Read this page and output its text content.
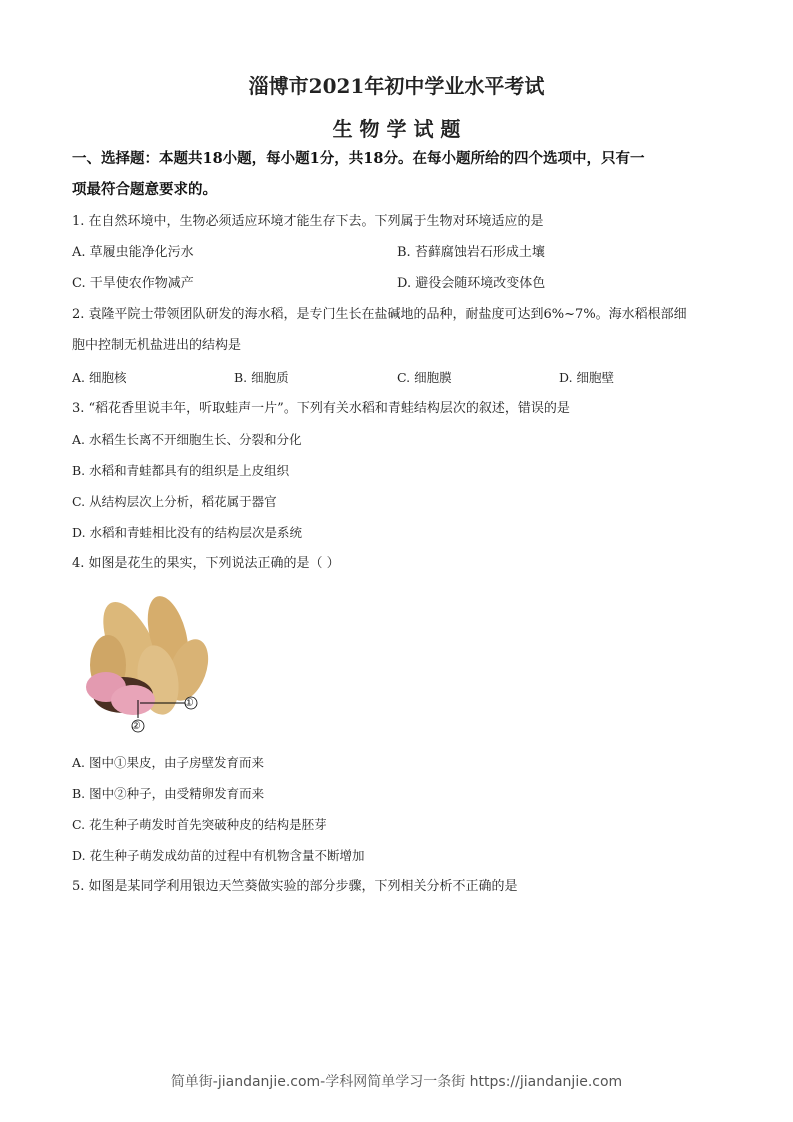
淄博市2021年初中学业水平考试
生 物 学 试 题
一、选择题：本题共18小题，每小题1分，共18分。在每小题所给的四个选项中，只有一
项最符合题意要求的。
1. 在自然环境中，生物必须适应环境才能生存下去。下列属于生物对环境适应的是
A. 草履虫能净化污水	B. 苔藓腐蚀岩石形成土壤
C. 干旱使农作物减产	D. 避役会随环境改变体色
2. 袁隆平院士带领团队研发的海水稻，是专门生长在盐碱地的品种，耐盐度可达到6%~7%。海水稻根部细
胞中控制无机盐进出的结构是
A. 细胞核	B. 细胞质	C. 细胞膜	D. 细胞壁
3. “稻花香里说丰年，听取蛙声一片”。下列有关水稻和青蛙结构层次的叙述，错误的是
A. 水稻生长离不开细胞生长、分裂和分化
B. 水稻和青蛙都具有的组织是上皮组织
C. 从结构层次上分析，稻花属于器官
D. 水稻和青蛙相比没有的结构层次是系统
4. 如图是花生的果实，下列说法正确的是（ ）
①
②
A. 图中①果皮，由子房壁发育而来
B. 图中②种子，由受精卵发育而来
C. 花生种子萌发时首先突破种皮的结构是胚芽
D. 花生种子萌发成幼苗的过程中有机物含量不断增加
5. 如图是某同学利用银边天竺葵做实验的部分步骤，下列相关分析不正确的是
简单街-jiandanjie.com-学科网简单学习一条街 https://jiandanjie.com
